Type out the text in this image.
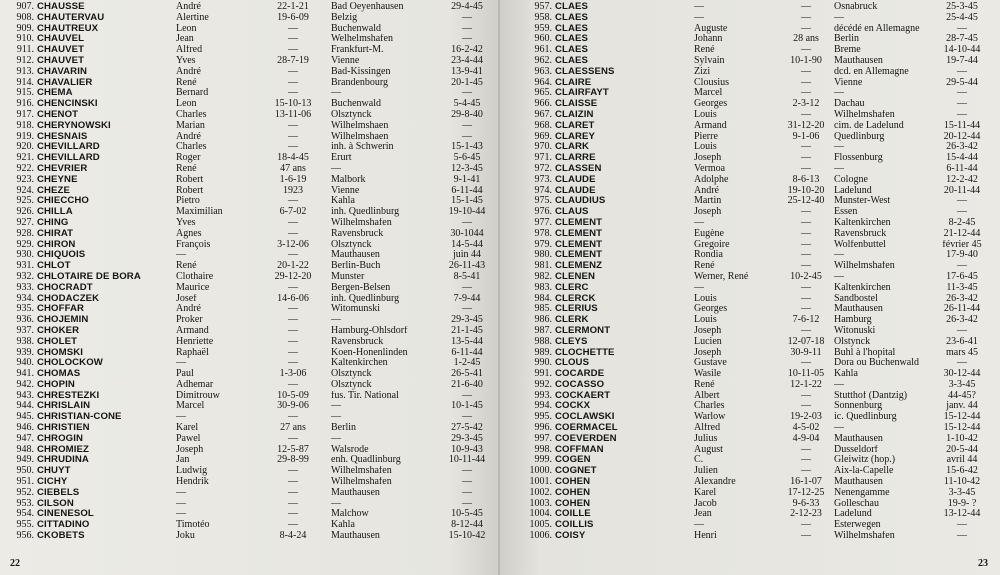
907. CHAUSSE	André	22-1-21	Bad Oeyenhausen	29-4-45
908. CHAUTERVAU	Alertine	19-6-09	Belzig	—
909. CHAUTREUX	Leon	—	Buchenwald	—
910. CHAUVEL	Jean	—	Welhelmshafen	—
911. CHAUVET	Alfred	—	Frankfurt-M.	16-2-42
912. CHAUVET	Yves	28-7-19	Vienne	23-4-44
913. CHAVARIN	André	—	Bad-Kissingen	13-9-41
914. CHAVALIER	René	—	Brandenbourg	20-1-45
915. CHEMA	Bernard	—	—	—
916. CHENCINSKI	Leon	15-10-13	Buchenwald	5-4-45
917. CHENOT	Charles	13-11-06	Olsztynck	29-8-40
918. CHERYNOWSKI	Marian	—	Wilhelmshaen	—
919. CHESNAIS	André	—	Wilhelmshaen	—
920. CHEVILLARD	Charles	—	inh. à Schwerin	15-1-43
921. CHEVILLARD	Roger	18-4-45	Erurt	5-6-45
922. CHEVRIER	René	47 ans	—	12-3-45
923. CHEYNE	Robert	1-6-19	Malbork	9-1-41
924. CHEZE	Robert	1923	Vienne	6-11-44
925. CHIECCHO	Pietro	—	Kahla	15-1-45
926. CHILLA	Maximilian	6-7-02	inh. Quedlinburg	19-10-44
927. CHING	Yves	—	Wilhelmshafen	—
928. CHIRAT	Agnes	—	Ravensbruck	30-1044
929. CHIRON	François	3-12-06	Olsztynck	14-5-44
930. CHIQUOIS	—	—	Mauthausen	juin 44
931. CHLOT	René	20-1-22	Berlin-Buch	26-11-43
932. CHLOTAIRE DE BORA	Clothaire	29-12-20	Munster	8-5-41
933. CHOCRADT	Maurice	—	Bergen-Belsen	—
934. CHODACZEK	Josef	14-6-06	inh. Quedlinburg	7-9-44
935. CHOFFAR	André	—	Witomunski	—
936. CHOJEMIN	Proker	—	—	29-3-45
937. CHOKER	Armand	—	Hamburg-Ohlsdorf	21-1-45
938. CHOLET	Henriette	—	Ravensbruck	13-5-44
939. CHOMSKI	Raphaël	—	Koen-Honenlinden	6-11-44
940. CHOLOCKOW	—	—	Kaltenkirchen	1-2-45
941. CHOMAS	Paul	1-3-06	Olsztynck	26-5-41
942. CHOPIN	Adhemar	—	Olsztynck	21-6-40
943. CHRESTEZKI	Dimitrouw	10-5-09	fus. Tir. National	—
944. CHRISLAIN	Marcel	30-9-06	—	10-1-45
945. CHRISTIAN-CONE	—	—	—	—
946. CHRISTIEN	Karel	27 ans	Berlin	27-5-42
947. CHROGIN	Pawel	—	—	29-3-45
948. CHROMIEZ	Joseph	12-5-87	Walsrode	10-9-43
949. CHRUDINA	Jan	29-8-99	enh. Quadlinburg	10-11-44
950. CHUYT	Ludwig	—	Wilhelmshafen	—
951. CICHY	Hendrik	—	Wilhelmshafen	—
952. CIEBELS	—	—	Mauthausen	—
953. CILSON	—	—	—	—
954. CINENESOL	—	—	Malchow	10-5-45
955. CITTADINO	Timotéo	—	Kahla	8-12-44
956. CKOBETS	Joku	8-4-24	Mauthausen	15-10-42
22
957. CLAES	—	—	Osnabruck	25-3-45
958. CLAES	—	—	—	25-4-45
959. CLAES	Auguste	—	décédé en Allemagne	—
960. CLAES	Johann	28 ans	Berlin	28-7-45
961. CLAES	René	—	Breme	14-10-44
962. CLAES	Sylvain	10-1-90	Mauthausen	19-7-44
963. CLAESSENS	Zizi	—	dcd. en Allemagne	—
964. CLAIRE	Clousius	—	Vienne	29-5-44
965. CLAIRFAYT	Marcel	—	—	—
966. CLAISSE	Georges	2-3-12	Dachau	—
967. CLAIZIN	Louis	—	Wilhelmshafen	—
968. CLARET	Armand	31-12-20 cim. de Ladelund	15-11-44
969. CLAREY	Pierre	9-1-06	Quedlinburg	20-12-44
970. CLARK	Louis	—	—	26-3-42
971. CLARRE	Joseph	—	Flossenburg	15-4-44
972. CLASSEN	Vermoa	—	—	6-11-44
973. CLAUDE	Adolphe	8-6-13	Cologne	12-2-42
974. CLAUDE	André	19-10-20 Ladelund	20-11-44
975. CLAUDIUS	Martin	25-12-40 Munster-West	—
976. CLAUS	Joseph	—	Essen	—
977. CLEMENT	—	—	Kaltenkirchen	8-2-45
978. CLEMENT	Eugène	—	Ravensbruck	21-12-44
979. CLEMENT	Gregoire	—	Wolfenbuttel	février 45
980. CLEMENT	Rondia	—	—	17-9-40
981. CLEMENZ	René	—	Wilhelmshafen	—
982. CLENEN	Werner, René	10-2-45	—	17-6-45
983. CLERC	—	—	Kaltenkirchen	11-3-45
984. CLERCK	Louis	—	Sandbostel	26-3-42
985. CLERIUS	Georges	—	Mauthausen	26-11-44
986. CLERK	Louis	7-6-12	Hamburg	26-3-42
987. CLERMONT	Joseph	—	Witonuski	—
988. CLEYS	Lucien	12-07-18 Olstynck	23-6-41
989. CLOCHETTE	Joseph	30-9-11	Buhl à l'hopital	mars 45
990. CLOUS	Gustave	—	Dora ou Buchenwald	—
991. COCARDE	Wasile	10-11-05 Kahla	30-12-44
992. COCASSO	René	12-1-22	—	3-3-45
993. COCKAERT	Albert	—	Stutthof (Dantzig)	44-45?
994. COCKX	Charles	—	Sonnenburg	janv. 44
995. COCLAWSKI	Warlow	19-2-03	ic. Quedlinburg	15-12-44
996. COERMACEL	Alfred	4-5-02	—	15-12-44
997. COEVERDEN	Julius	4-9-04	Mauthausen	1-10-42
998. COFFMAN	August	—	Dusseldorf	20-5-44
999. COGEN	C.	—	Gleiwitz (hop.)	avril 44
1000. COGNET	Julien	—	Aix-la-Capelle	15-6-42
1001. COHEN	Alexandre	16-1-07	Mauthausen	11-10-42
1002. COHEN	Karel	17-12-25 Nenengamme	3-3-45
1003. COHEN	Jacob	9-6-33	Golleschau	19-9- ?
1004. COILLE	Jean	2-12-23	Ladelund	13-12-44
1005. COILLIS	—	—	Esterwegen	—
1006. COISY	Henri	—	Wilhelmshafen	—
23
